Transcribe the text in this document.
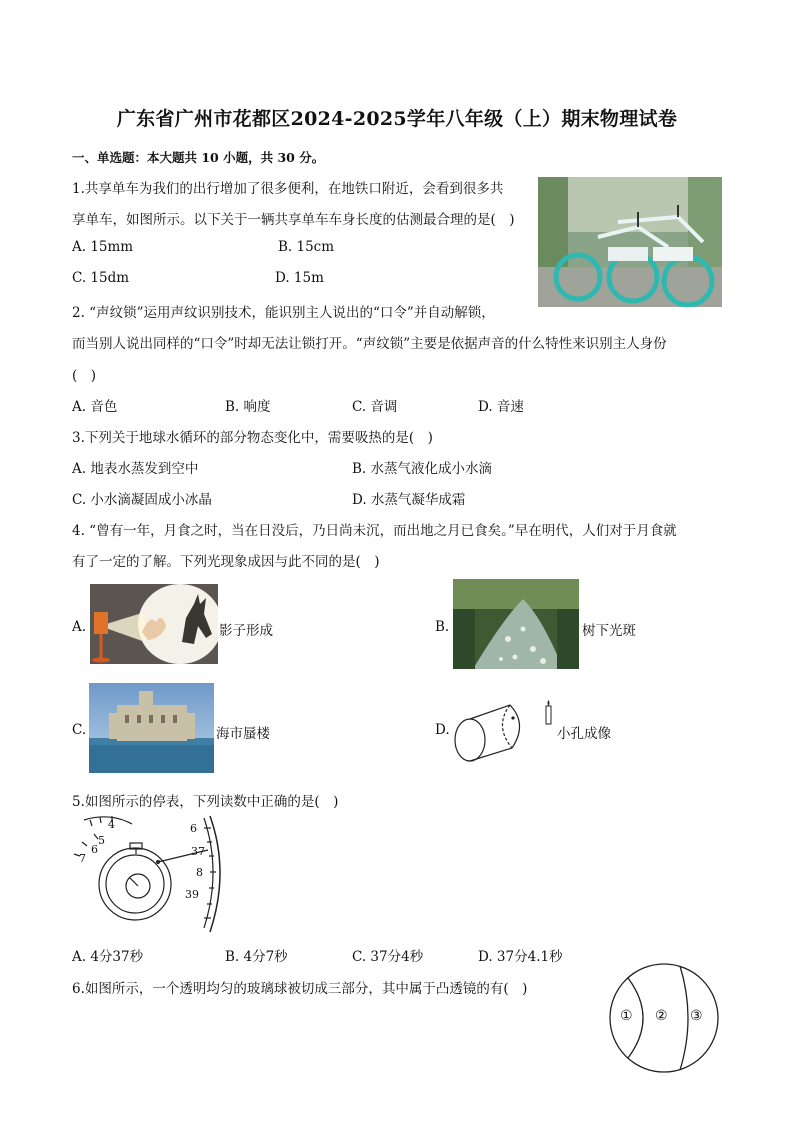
广东省广州市花都区2024-2025学年八年级（上）期末物理试卷
一、单选题：本大题共 10 小题，共 30 分。
1.共享单车为我们的出行增加了很多便利，在地铁口附近，会看到很多共
享单车，如图所示。以下关于一辆共享单车车身长度的估测最合理的是(　)
A. 15mm	B. 15cm
C. 15dm	D. 15m
2. “声纹锁”运用声纹识别技术，能识别主人说出的“口令”并自动解锁，
而当别人说出同样的“口令”时却无法让锁打开。“声纹锁”主要是依据声音的什么特性来识别主人身份
(　)
A. 音色	B. 响度	C. 音调	D. 音速
3.下列关于地球水循环的部分物态变化中，需要吸热的是(　)
A. 地表水蒸发到空中	B. 水蒸气液化成小水滴
C. 小水滴凝固成小冰晶	D. 水蒸气凝华成霜
4. “曾有一年，月食之时，当在日没后，乃日尚未沉，而出地之月已食矣。”早在明代，人们对于月食就
有了一定的了解。下列光现象成因与此不同的是(　)
A.	影子形成	B.	树下光斑
C.	海市蜃楼	D.	小孔成像
5.如图所示的停表，下列读数中正确的是(　)
4
5
6
7
6
37
8
39
A. 4分37秒	B. 4分7秒	C. 37分4秒	D. 37分4.1秒
6.如图所示，一个透明均匀的玻璃球被切成三部分，其中属于凸透镜的有(　)
① ② ③
